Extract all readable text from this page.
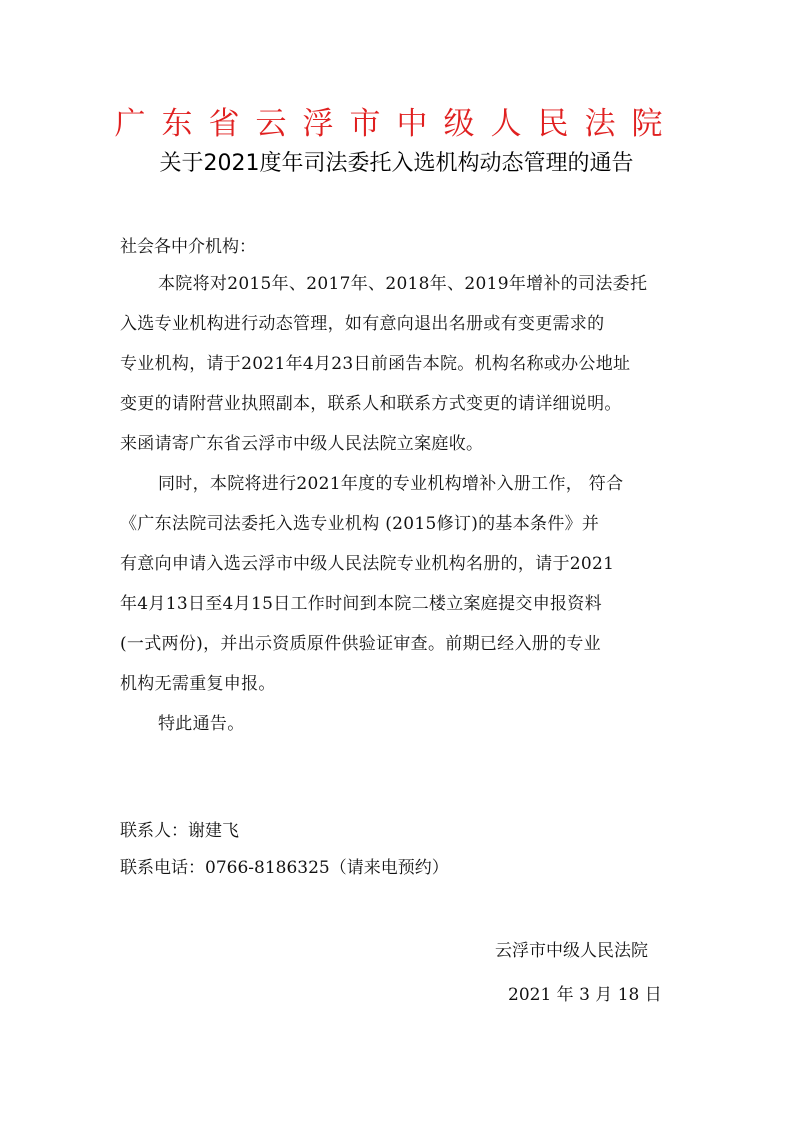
广东省云浮市中级人民法院
关于2021度年司法委托入选机构动态管理的通告
社会各中介机构：
本院将对2015年、2017年、2018年、2019年增补的司法委托
入选专业机构进行动态管理，如有意向退出名册或有变更需求的
专业机构，请于2021年4月23日前函告本院。机构名称或办公地址
变更的请附营业执照副本，联系人和联系方式变更的请详细说明。
来函请寄广东省云浮市中级人民法院立案庭收。
同时，本院将进行2021年度的专业机构增补入册工作， 符合
《广东法院司法委托入选专业机构 (2015修订)的基本条件》并
有意向申请入选云浮市中级人民法院专业机构名册的，请于2021
年4月13日至4月15日工作时间到本院二楼立案庭提交申报资料
(一式两份)，并出示资质原件供验证审查。前期已经入册的专业
机构无需重复申报。
特此通告。
联系人：谢建飞
联系电话：0766-8186325（请来电预约）
云浮市中级人民法院
2021 年 3 月 18 日
